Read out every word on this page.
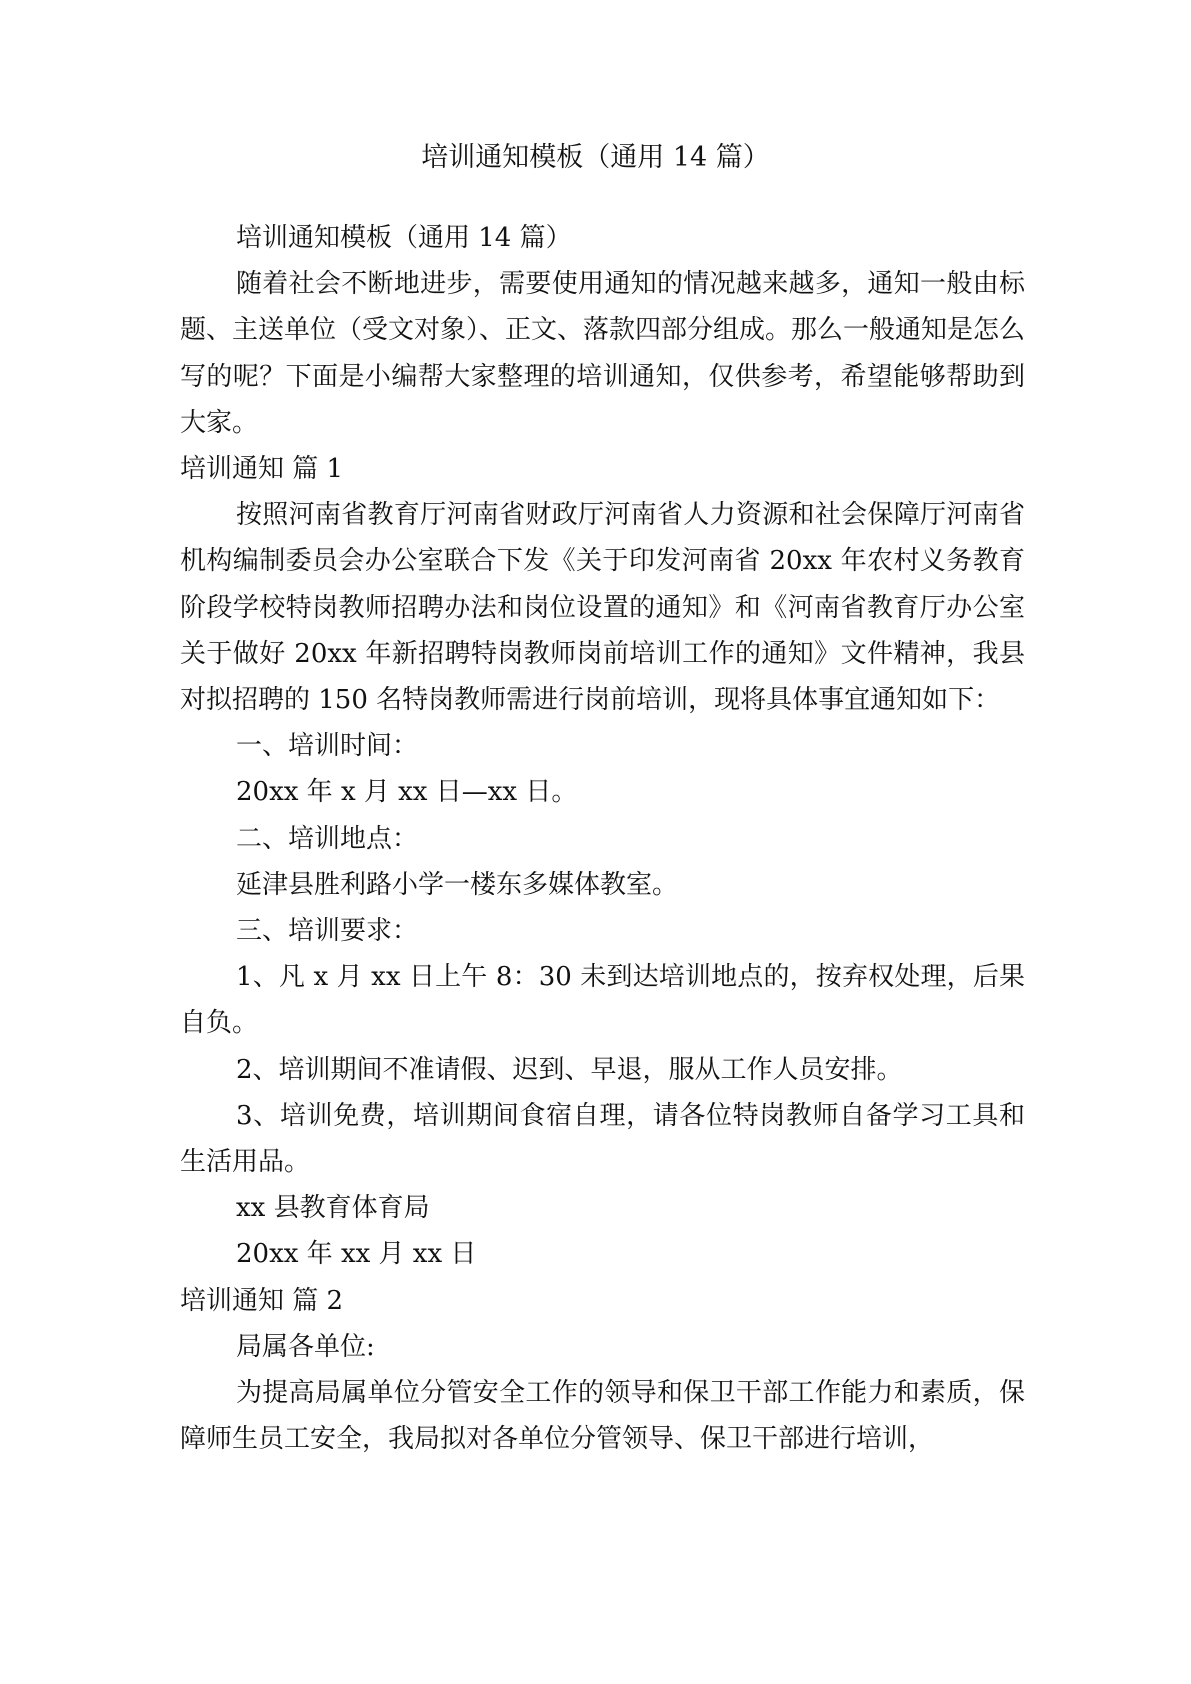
培训通知模板（通用 14 篇）

培训通知模板（通用 14 篇）

随着社会不断地进步，需要使用通知的情况越来越多，通知一般由标题、主送单位（受文对象）、正文、落款四部分组成。那么一般通知是怎么写的呢？下面是小编帮大家整理的培训通知，仅供参考，希望能够帮助到大家。

培训通知 篇 1

按照河南省教育厅河南省财政厅河南省人力资源和社会保障厅河南省机构编制委员会办公室联合下发《关于印发河南省 20xx 年农村义务教育阶段学校特岗教师招聘办法和岗位设置的通知》和《河南省教育厅办公室关于做好 20xx 年新招聘特岗教师岗前培训工作的通知》文件精神，我县对拟招聘的 150 名特岗教师需进行岗前培训，现将具体事宜通知如下：

一、培训时间：

20xx 年 x 月 xx 日—xx 日。

二、培训地点：

延津县胜利路小学一楼东多媒体教室。

三、培训要求：

1、凡 x 月 xx 日上午 8：30 未到达培训地点的，按弃权处理，后果自负。

2、培训期间不准请假、迟到、早退，服从工作人员安排。

3、培训免费，培训期间食宿自理，请各位特岗教师自备学习工具和生活用品。

xx 县教育体育局

20xx 年 xx 月 xx 日

培训通知 篇 2

局属各单位:

为提高局属单位分管安全工作的领导和保卫干部工作能力和素质，保障师生员工安全，我局拟对各单位分管领导、保卫干部进行培训，
